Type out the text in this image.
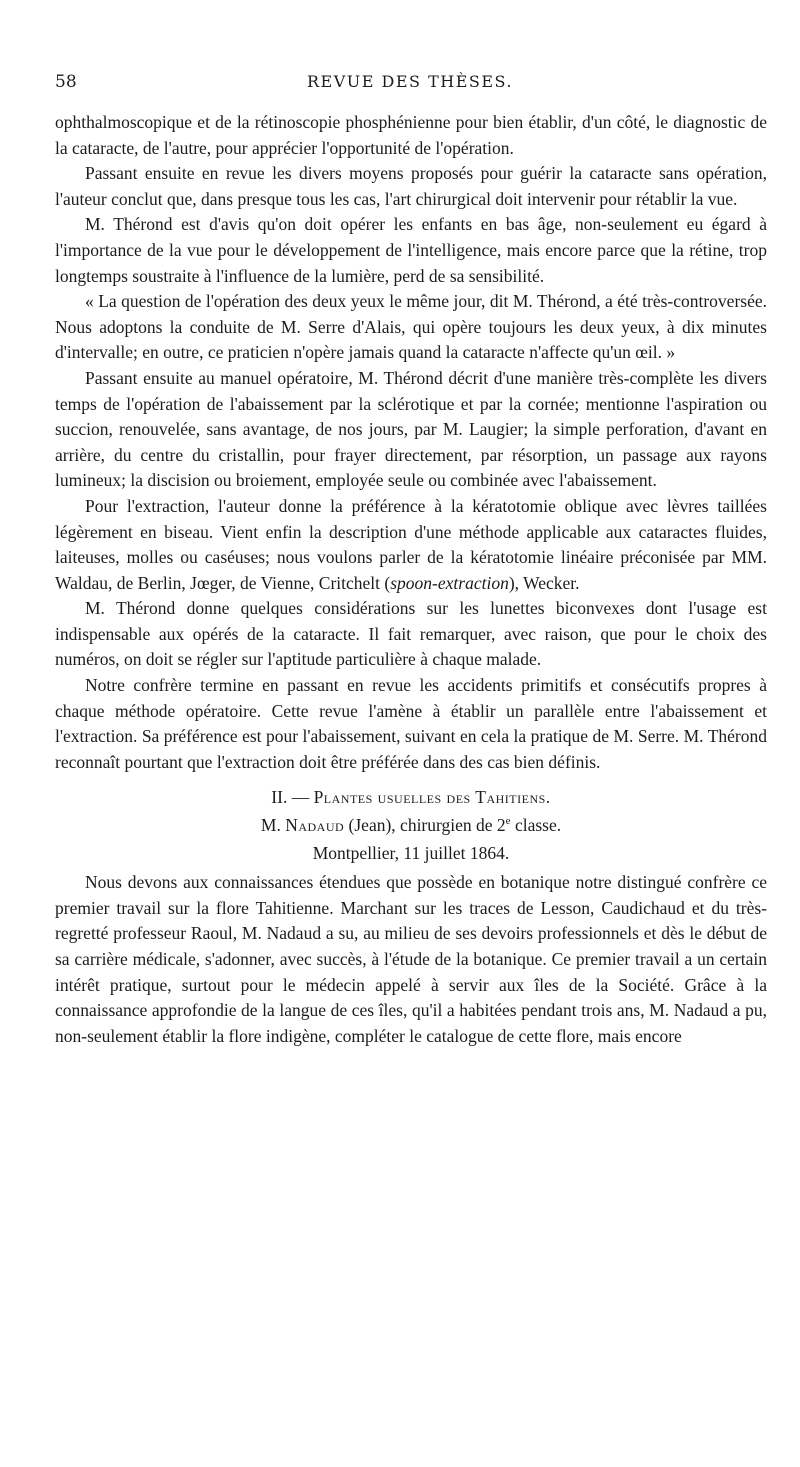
58	REVUE DES THÈSES.

ophthalmoscopique et de la rétinoscopie phosphénienne pour bien établir, d'un côté, le diagnostic de la cataracte, de l'autre, pour apprécier l'opportunité de l'opération.

Passant ensuite en revue les divers moyens proposés pour guérir la cataracte sans opération, l'auteur conclut que, dans presque tous les cas, l'art chirurgical doit intervenir pour rétablir la vue.

M. Thérond est d'avis qu'on doit opérer les enfants en bas âge, non-seulement eu égard à l'importance de la vue pour le développement de l'intelligence, mais encore parce que la rétine, trop longtemps soustraite à l'influence de la lumière, perd de sa sensibilité.

« La question de l'opération des deux yeux le même jour, dit M. Thérond, a été très-controversée. Nous adoptons la conduite de M. Serre d'Alais, qui opère toujours les deux yeux, à dix minutes d'intervalle; en outre, ce praticien n'opère jamais quand la cataracte n'affecte qu'un œil. »

Passant ensuite au manuel opératoire, M. Thérond décrit d'une manière très-complète les divers temps de l'opération de l'abaissement par la sclérotique et par la cornée; mentionne l'aspiration ou succion, renouvelée, sans avantage, de nos jours, par M. Laugier; la simple perforation, d'avant en arrière, du centre du cristallin, pour frayer directement, par résorption, un passage aux rayons lumineux; la discision ou broiement, employée seule ou combinée avec l'abaissement.

Pour l'extraction, l'auteur donne la préférence à la kératotomie oblique avec lèvres taillées légèrement en biseau. Vient enfin la description d'une méthode applicable aux cataractes fluides, laiteuses, molles ou caséuses; nous voulons parler de la kératotomie linéaire préconisée par MM. Waldau, de Berlin, Jœger, de Vienne, Critchelt (spoon-extraction), Wecker.

M. Thérond donne quelques considérations sur les lunettes biconvexes dont l'usage est indispensable aux opérés de la cataracte. Il fait remarquer, avec raison, que pour le choix des numéros, on doit se régler sur l'aptitude particulière à chaque malade.

Notre confrère termine en passant en revue les accidents primitifs et consécutifs propres à chaque méthode opératoire. Cette revue l'amène à établir un parallèle entre l'abaissement et l'extraction. Sa préférence est pour l'abaissement, suivant en cela la pratique de M. Serre. M. Thérond reconnaît pourtant que l'extraction doit être préférée dans des cas bien définis.

II. — Plantes usuelles des Tahitiens.

M. Nadaud (Jean), chirurgien de 2e classe.

Montpellier, 11 juillet 1864.

Nous devons aux connaissances étendues que possède en botanique notre distingué confrère ce premier travail sur la flore Tahitienne. Marchant sur les traces de Lesson, Caudichaud et du très-regretté professeur Raoul, M. Nadaud a su, au milieu de ses devoirs professionnels et dès le début de sa carrière médicale, s'adonner, avec succès, à l'étude de la botanique. Ce premier travail a un certain intérêt pratique, surtout pour le médecin appelé à servir aux îles de la Société. Grâce à la connaissance approfondie de la langue de ces îles, qu'il a habitées pendant trois ans, M. Nadaud a pu, non-seulement établir la flore indigène, compléter le catalogue de cette flore, mais encore
